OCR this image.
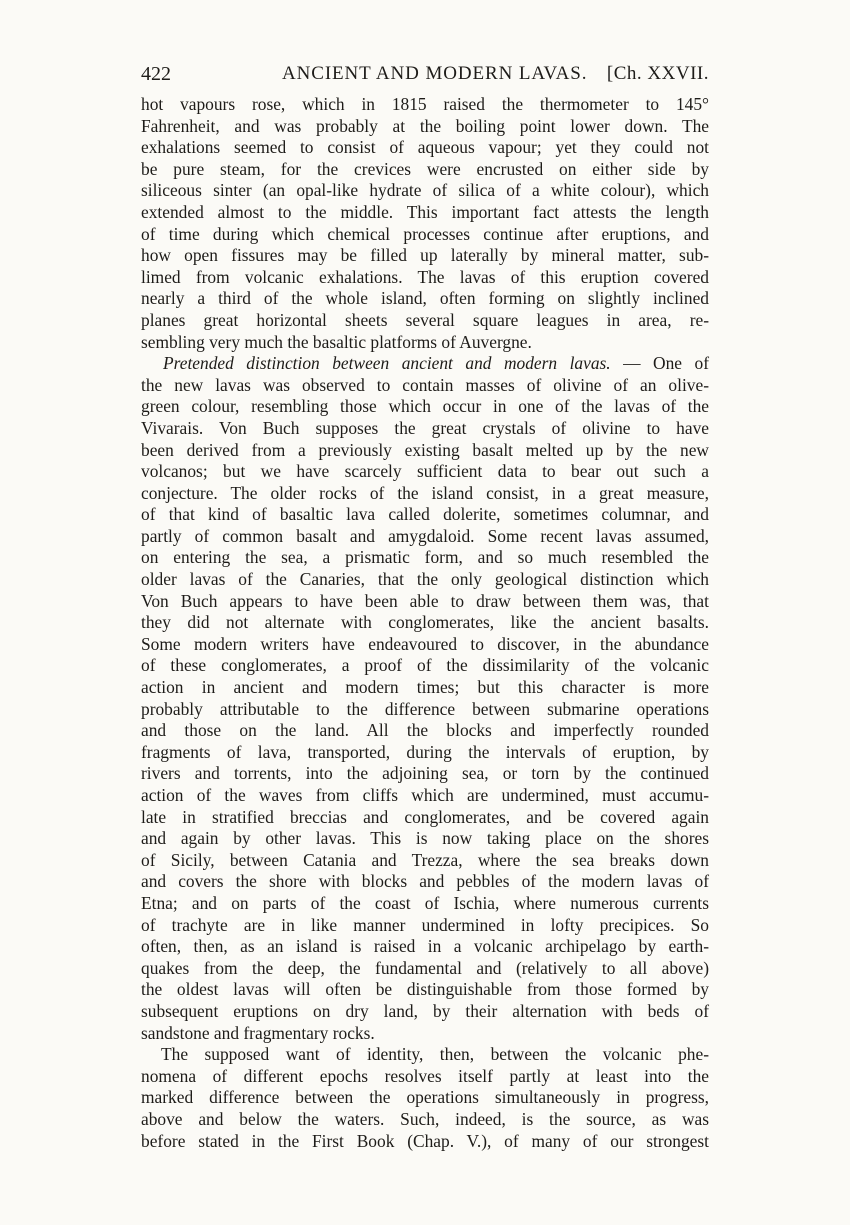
422	ANCIENT AND MODERN LAVAS. [Ch. XXVII.
hot vapours rose, which in 1815 raised the thermometer to 145°
Fahrenheit, and was probably at the boiling point lower down. The
exhalations seemed to consist of aqueous vapour; yet they could not
be pure steam, for the crevices were encrusted on either side by
siliceous sinter (an opal-like hydrate of silica of a white colour), which
extended almost to the middle. This important fact attests the length
of time during which chemical processes continue after eruptions, and
how open fissures may be filled up laterally by mineral matter, sub-
limed from volcanic exhalations. The lavas of this eruption covered
nearly a third of the whole island, often forming on slightly inclined
planes great horizontal sheets several square leagues in area, re-
sembling very much the basaltic platforms of Auvergne.
Pretended distinction between ancient and modern lavas. — One of
the new lavas was observed to contain masses of olivine of an olive-
green colour, resembling those which occur in one of the lavas of the
Vivarais. Von Buch supposes the great crystals of olivine to have
been derived from a previously existing basalt melted up by the new
volcanos; but we have scarcely sufficient data to bear out such a
conjecture. The older rocks of the island consist, in a great measure,
of that kind of basaltic lava called dolerite, sometimes columnar, and
partly of common basalt and amygdaloid. Some recent lavas assumed,
on entering the sea, a prismatic form, and so much resembled the
older lavas of the Canaries, that the only geological distinction which
Von Buch appears to have been able to draw between them was, that
they did not alternate with conglomerates, like the ancient basalts.
Some modern writers have endeavoured to discover, in the abundance
of these conglomerates, a proof of the dissimilarity of the volcanic
action in ancient and modern times; but this character is more
probably attributable to the difference between submarine operations
and those on the land. All the blocks and imperfectly rounded
fragments of lava, transported, during the intervals of eruption, by
rivers and torrents, into the adjoining sea, or torn by the continued
action of the waves from cliffs which are undermined, must accumu-
late in stratified breccias and conglomerates, and be covered again
and again by other lavas. This is now taking place on the shores
of Sicily, between Catania and Trezza, where the sea breaks down
and covers the shore with blocks and pebbles of the modern lavas of
Etna; and on parts of the coast of Ischia, where numerous currents
of trachyte are in like manner undermined in lofty precipices. So
often, then, as an island is raised in a volcanic archipelago by earth-
quakes from the deep, the fundamental and (relatively to all above)
the oldest lavas will often be distinguishable from those formed by
subsequent eruptions on dry land, by their alternation with beds of
sandstone and fragmentary rocks.
The supposed want of identity, then, between the volcanic phe-
nomena of different epochs resolves itself partly at least into the
marked difference between the operations simultaneously in progress,
above and below the waters. Such, indeed, is the source, as was
before stated in the First Book (Chap. V.), of many of our strongest
